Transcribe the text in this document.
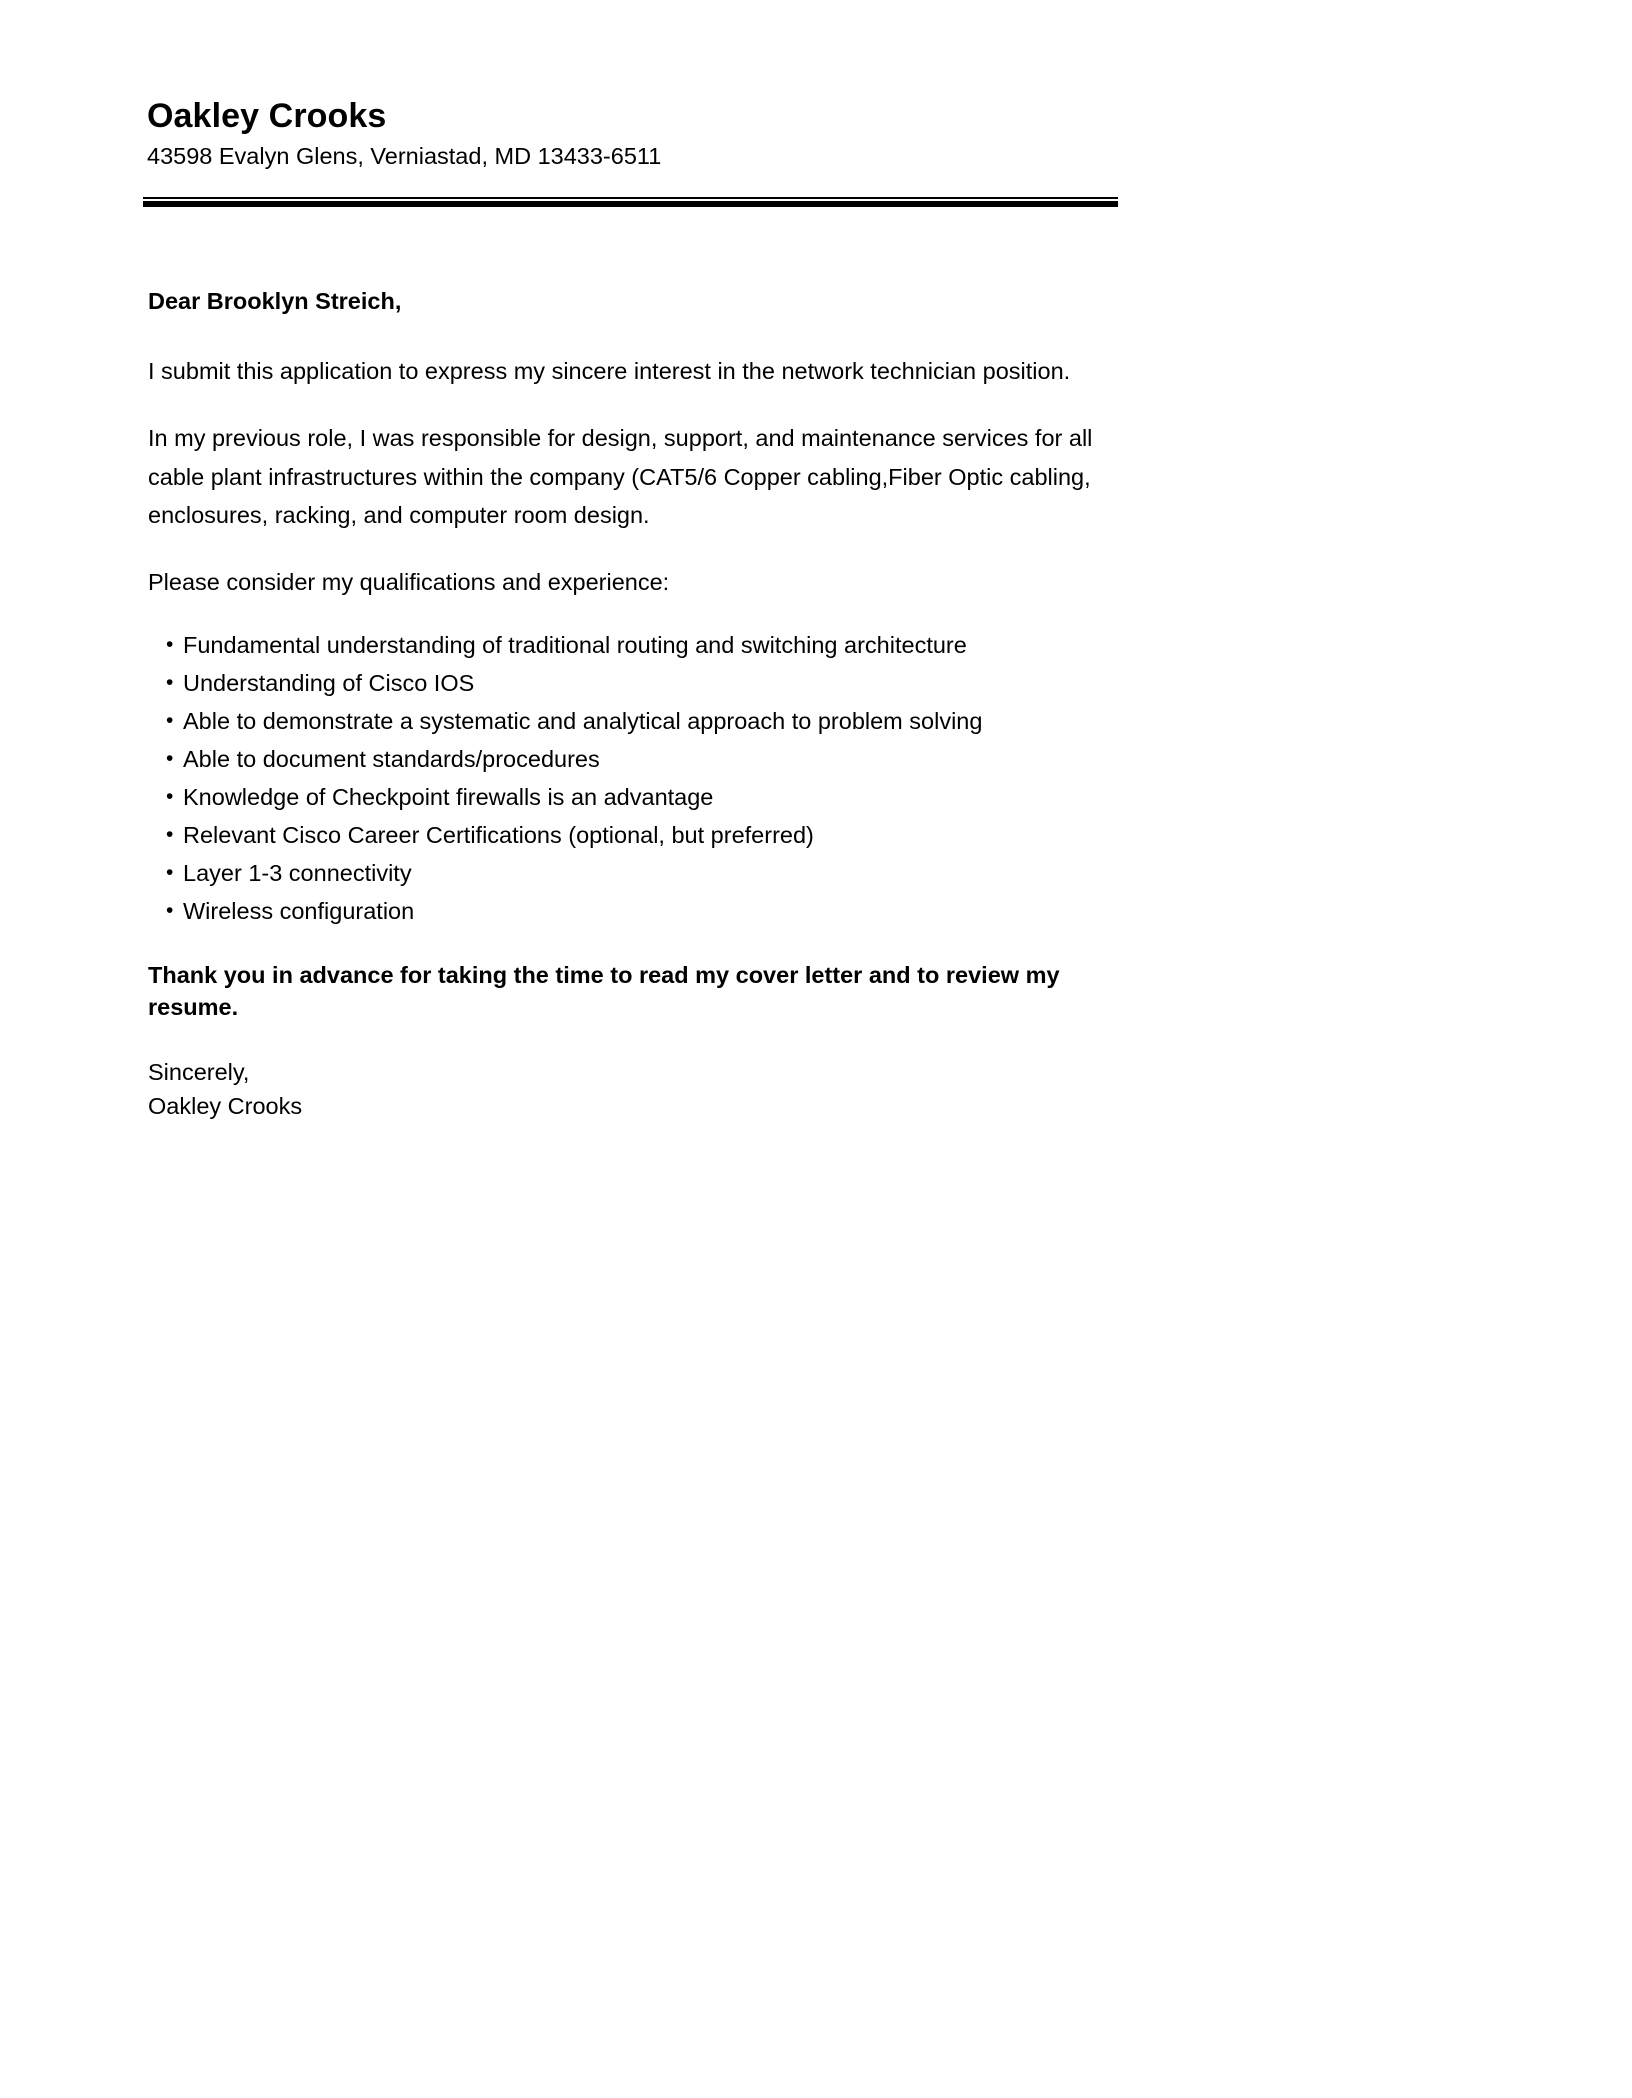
Oakley Crooks
43598 Evalyn Glens, Verniastad, MD 13433-6511
Dear Brooklyn Streich,

I submit this application to express my sincere interest in the network technician position.

In my previous role, I was responsible for design, support, and maintenance services for all cable plant infrastructures within the company (CAT5/6 Copper cabling,Fiber Optic cabling, enclosures, racking, and computer room design.

Please consider my qualifications and experience:

• Fundamental understanding of traditional routing and switching architecture
• Understanding of Cisco IOS
• Able to demonstrate a systematic and analytical approach to problem solving
• Able to document standards/procedures
• Knowledge of Checkpoint firewalls is an advantage
• Relevant Cisco Career Certifications (optional, but preferred)
• Layer 1-3 connectivity
• Wireless configuration
Thank you in advance for taking the time to read my cover letter and to review my resume.
Sincerely,
Oakley Crooks
